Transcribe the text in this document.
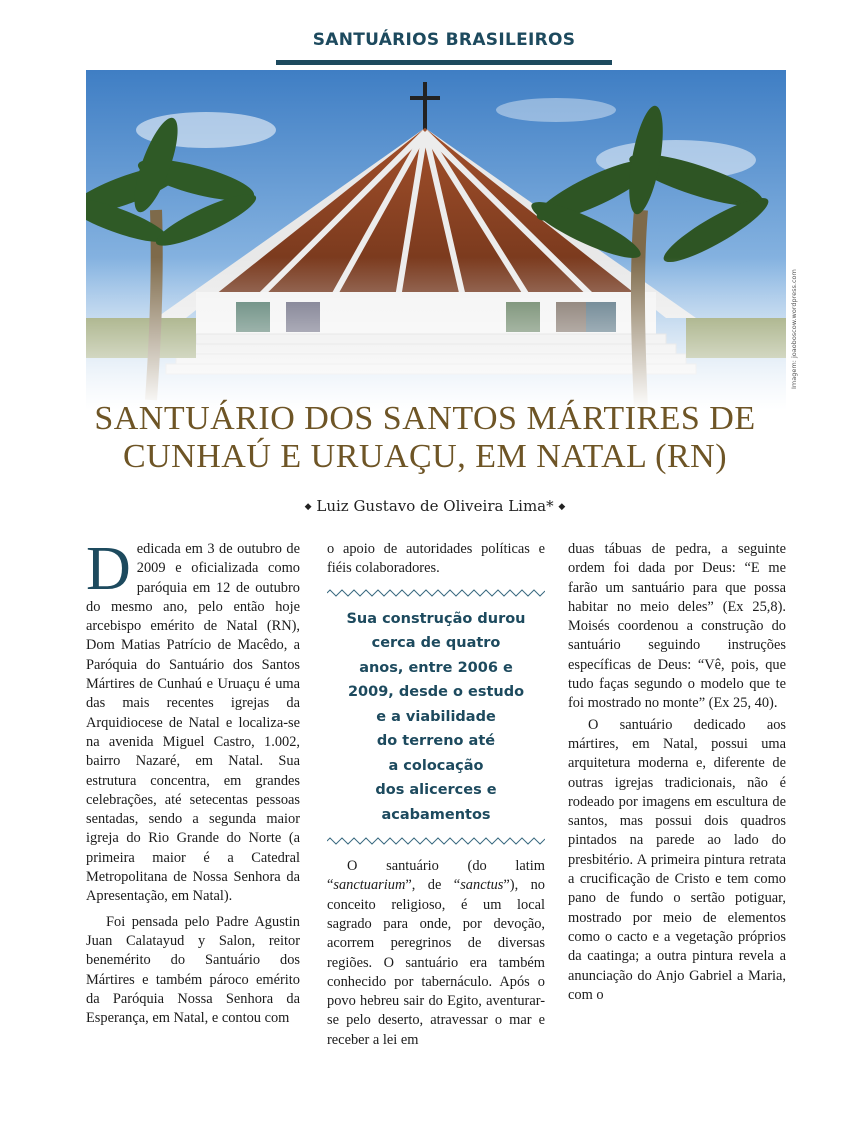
SANTUÁRIOS BRASILEIROS
Imagem: joaoboscow.wordpress.com
SANTUÁRIO DOS SANTOS MÁRTIRES DE
CUNHAÚ E URUAÇU, EM NATAL (RN)
◆ Luiz Gustavo de Oliveira Lima* ◆

Dedicada em 3 de outubro de 2009 e oficializada como paróquia em 12 de outubro do mesmo ano, pelo então hoje arcebispo emérito de Natal (RN), Dom Matias Patrício de Macêdo, a Paróquia do Santuário dos Santos Mártires de Cunhaú e Uruaçu é uma das mais recentes igrejas da Arquidiocese de Natal e localiza-se na avenida Miguel Castro, 1.002, bairro Nazaré, em Natal. Sua estrutura concentra, em grandes celebrações, até setecentas pessoas sentadas, sendo a segunda maior igreja do Rio Grande do Norte (a primeira maior é a Catedral Metropolitana de Nossa Senhora da Apresentação, em Natal).

Foi pensada pelo Padre Agustin Juan Calatayud y Salon, reitor benemérito do Santuário dos Mártires e também pároco emérito da Paróquia Nossa Senhora da Esperança, em Natal, e contou com

o apoio de autoridades políticas e fiéis colaboradores.

Sua construção durou
cerca de quatro
anos, entre 2006 e
2009, desde o estudo
e a viabilidade
do terreno até
a colocação
dos alicerces e
acabamentos

O santuário (do latim “sanctuarium”, de “sanctus”), no conceito religioso, é um local sagrado para onde, por devoção, acorrem peregrinos de diversas regiões. O santuário era também conhecido por tabernáculo. Após o povo hebreu sair do Egito, aventurar-se pelo deserto, atravessar o mar e receber a lei em

duas tábuas de pedra, a seguinte ordem foi dada por Deus: “E me farão um santuário para que possa habitar no meio deles” (Ex 25,8). Moisés coordenou a construção do santuário seguindo instruções específicas de Deus: “Vê, pois, que tudo faças segundo o modelo que te foi mostrado no monte” (Ex 25, 40).

O santuário dedicado aos mártires, em Natal, possui uma arquitetura moderna e, diferente de outras igrejas tradicionais, não é rodeado por imagens em escultura de santos, mas possui dois quadros pintados na parede ao lado do presbitério. A primeira pintura retrata a crucificação de Cristo e tem como pano de fundo o sertão potiguar, mostrado por meio de elementos como o cacto e a vegetação próprios da caatinga; a outra pintura revela a anunciação do Anjo Gabriel a Maria, com o
